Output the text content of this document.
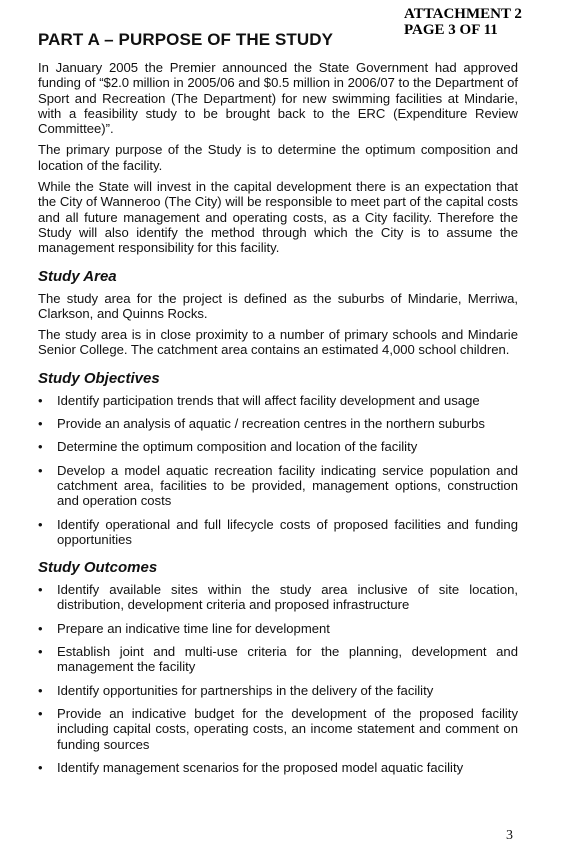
ATTACHMENT 2
PAGE 3 OF 11
PART A – PURPOSE OF THE STUDY

In January 2005 the Premier announced the State Government had approved funding of “$2.0 million in 2005/06 and $0.5 million in 2006/07 to the Department of Sport and Recreation (The Department) for new swimming facilities at Mindarie, with a feasibility study to be brought back to the ERC (Expenditure Review Committee)”.

The primary purpose of the Study is to determine the optimum composition and location of the facility.

While the State will invest in the capital development there is an expectation that the City of Wanneroo (The City) will be responsible to meet part of the capital costs and all future management and operating costs, as a City facility. Therefore the Study will also identify the method through which the City is to assume the management responsibility for this facility.

Study Area

The study area for the project is defined as the suburbs of Mindarie, Merriwa, Clarkson, and Quinns Rocks.

The study area is in close proximity to a number of primary schools and Mindarie Senior College. The catchment area contains an estimated 4,000 school children.

Study Objectives
• Identify participation trends that will affect facility development and usage
• Provide an analysis of aquatic / recreation centres in the northern suburbs
• Determine the optimum composition and location of the facility
• Develop a model aquatic recreation facility indicating service population and catchment area, facilities to be provided, management options, construction and operation costs
• Identify operational and full lifecycle costs of proposed facilities and funding opportunities
Study Outcomes
• Identify available sites within the study area inclusive of site location, distribution, development criteria and proposed infrastructure
• Prepare an indicative time line for development
• Establish joint and multi-use criteria for the planning, development and management the facility
• Identify opportunities for partnerships in the delivery of the facility
• Provide an indicative budget for the development of the proposed facility including capital costs, operating costs, an income statement and comment on funding sources
• Identify management scenarios for the proposed model aquatic facility
3
